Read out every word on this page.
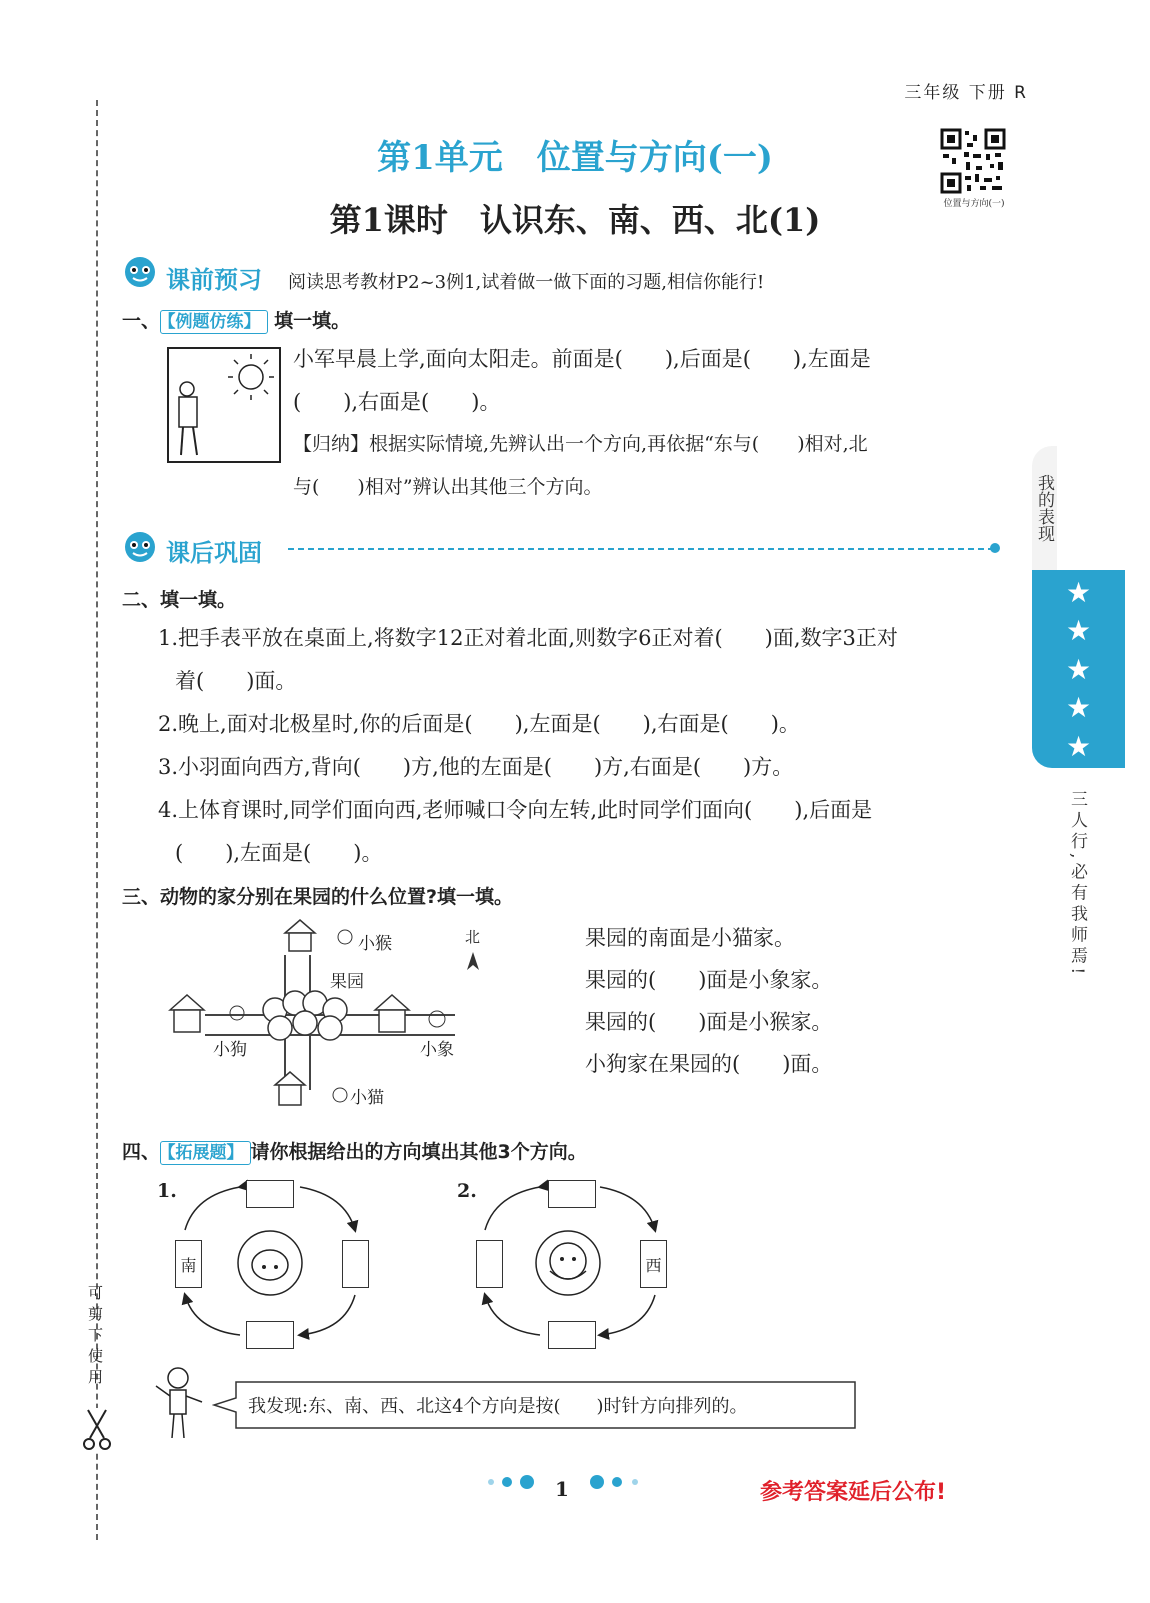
三年级 下册 R
第1单元　位置与方向(一)
第1课时　认识东、南、西、北(1)	位置与方向(一)
课前预习 阅读思考教材P2~3例1,试着做一做下面的习题,相信你能行!
一、 【例题仿练】 填一填。
小军早晨上学,面向太阳走。前面是(　　),后面是(　　),左面是
(　　),右面是(　　)。
【归纳】根据实际情境,先辨认出一个方向,再依据“东与(　　)相对,北
与(　　)相对”辨认出其他三个方向。
课后巩固
二、填一填。
1.把手表平放在桌面上,将数字12正对着北面,则数字6正对着(　　)面,数字3正对
着(　　)面。
2.晚上,面对北极星时,你的后面是(　　),左面是(　　),右面是(　　)。
3.小羽面向西方,背向(　　)方,他的左面是(　　)方,右面是(　　)方。
4.上体育课时,同学们面向西,老师喊口令向左转,此时同学们面向(　　),后面是
(　　),左面是(　　)。
三、动物的家分别在果园的什么位置?填一填。
小猴
果园
小狗	小象
小猫
北	果园的南面是小猫家。
果园的(　　)面是小象家。
果园的(　　)面是小猴家。
小狗家在果园的(　　)面。
四、 【拓展题】 请你根据给出的方向填出其他3个方向。
1.
南
2.
西
我发现:东、南、西、北这4个方向是按(　　)时针方向排列的。
我的表现
★
★
★
★
★
三人行,必有我师焉!
可剪下使用
1	参考答案延后公布!
